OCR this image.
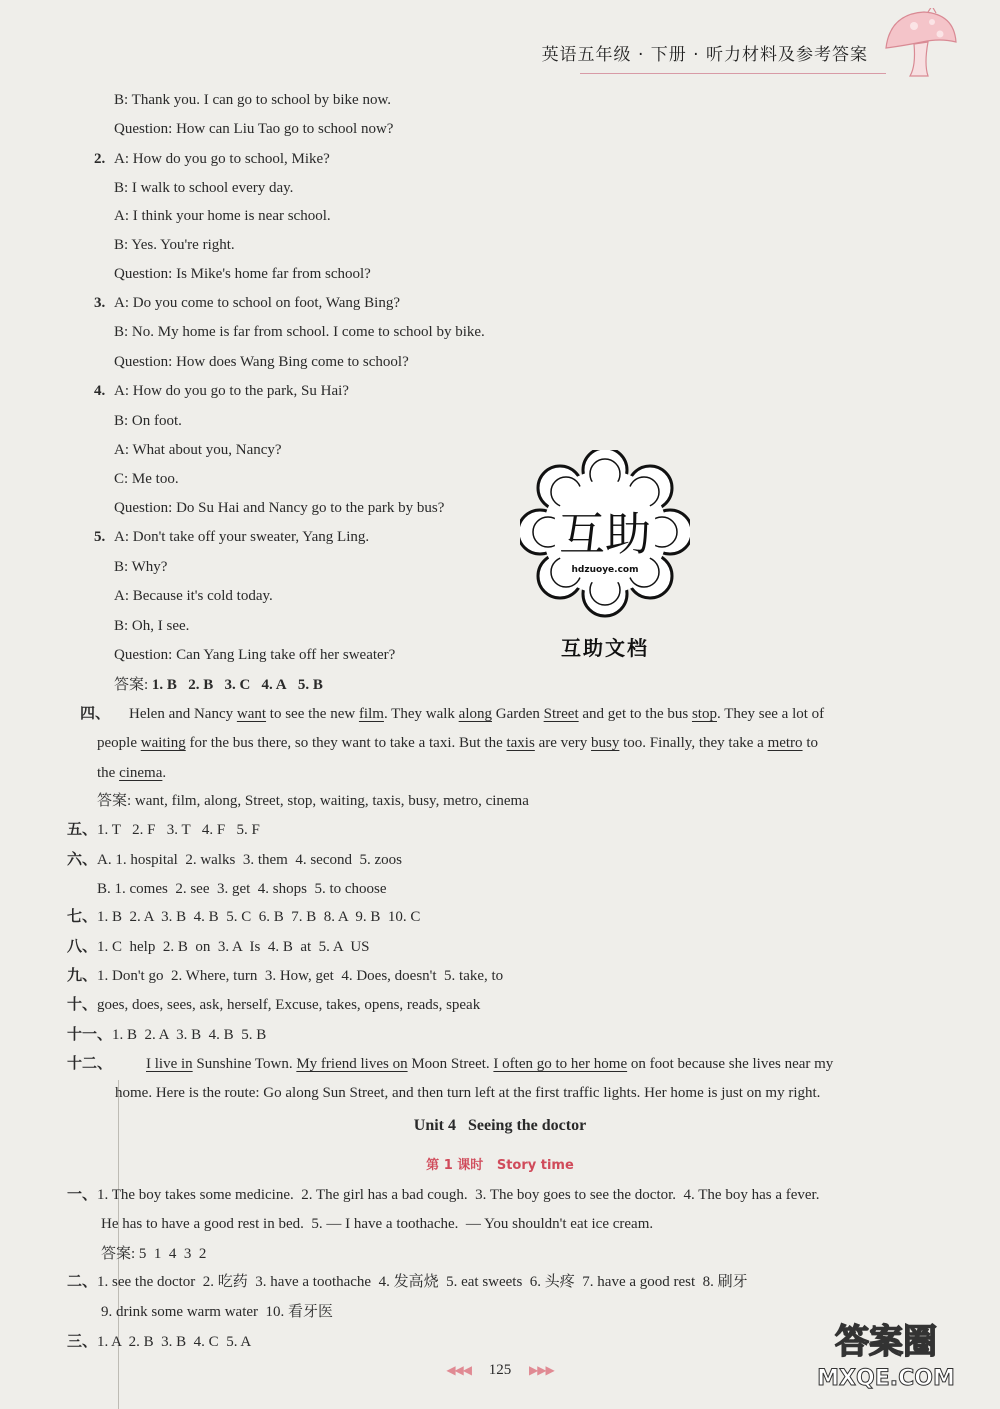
英语五年级 · 下册 · 听力材料及参考答案
B: Thank you. I can go to school by bike now.
Question: How can Liu Tao go to school now?
2. A: How do you go to school, Mike?
B: I walk to school every day.
A: I think your home is near school.
B: Yes. You're right.
Question: Is Mike's home far from school?
3. A: Do you come to school on foot, Wang Bing?
B: No. My home is far from school. I come to school by bike.
Question: How does Wang Bing come to school?
4. A: How do you go to the park, Su Hai?
B: On foot.
A: What about you, Nancy?
C: Me too.
Question: Do Su Hai and Nancy go to the park by bus?
5. A: Don't take off your sweater, Yang Ling.
B: Why?
A: Because it's cold today.
B: Oh, I see.
Question: Can Yang Ling take off her sweater?
答案: 1. B 2. B 3. C 4. A 5. B
互助
hdzuoye.com
互助文档
四、 Helen and Nancy want to see the new film. They walk along Garden Street and get to the bus stop. They see a lot of
people waiting for the bus there, so they want to take a taxi. But the taxis are very busy too. Finally, they take a metro to
the cinema.
答案: want, film, along, Street, stop, waiting, taxis, busy, metro, cinema
五、 1. T 2. F 3. T 4. F 5. F
六、 A. 1. hospital  2. walks  3. them  4. second  5. zoos
B. 1. comes  2. see  3. get  4. shops  5. to choose
七、 1. B  2. A  3. B  4. B  5. C  6. B  7. B  8. A  9. B  10. C
八、 1. C  help  2. B  on  3. A  Is  4. B  at  5. A  US
九、 1. Don't go  2. Where, turn  3. How, get  4. Does, doesn't  5. take, to
十、 goes, does, sees, ask, herself, Excuse, takes, opens, reads, speak
十一、 1. B  2. A  3. B  4. B  5. B
十二、 I live in Sunshine Town. My friend lives on Moon Street. I often go to her home on foot because she lives near my
home. Here is the route: Go along Sun Street, and then turn left at the first traffic lights. Her home is just on my right.
Unit 4   Seeing the doctor
第 1 课时   Story time
一、 1. The boy takes some medicine.  2. The girl has a bad cough.  3. The boy goes to see the doctor.  4. The boy has a fever.
He has to have a good rest in bed.  5. — I have a toothache.  — You shouldn't eat ice cream.
答案: 5  1  4  3  2
二、 1. see the doctor  2. 吃药  3. have a toothache  4. 发高烧  5. eat sweets  6. 头疼  7. have a good rest  8. 刷牙
9. drink some warm water  10. 看牙医
三、 1. A  2. B  3. B  4. C  5. A
◀◀◀ 125 ▶▶▶
答案圈
MXQE.COM
